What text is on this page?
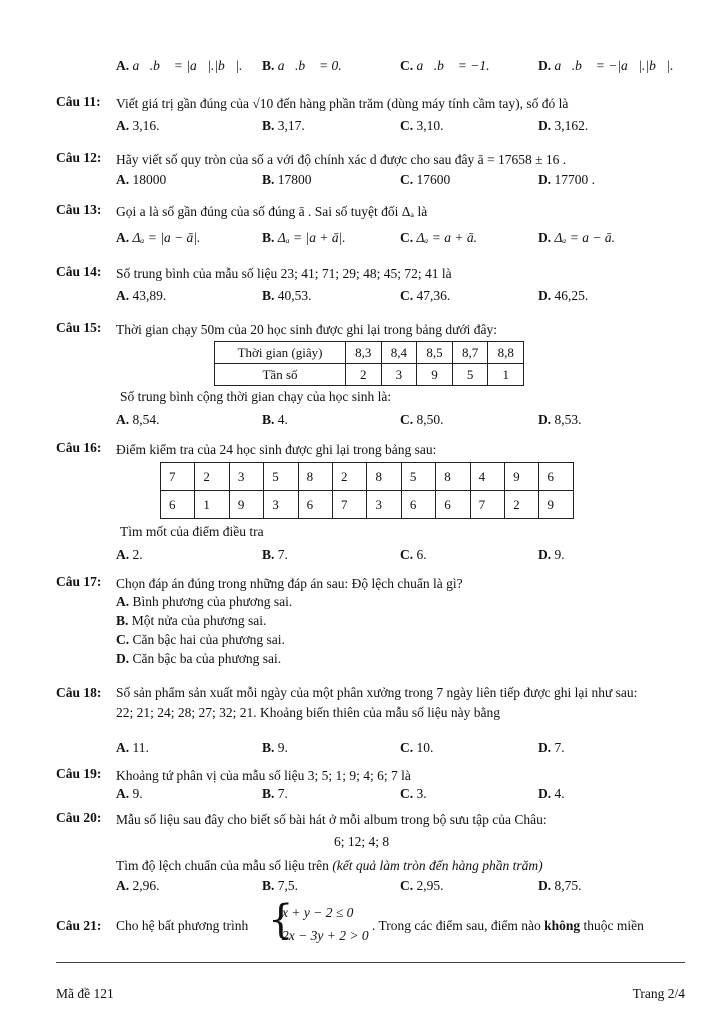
A. a⃗.b⃗ = |a⃗|.|b⃗|. B. a⃗.b⃗ = 0.	C. a⃗.b⃗ = −1.	D. a⃗.b⃗ = −|a⃗|.|b⃗|.
Câu 11: Viết giá trị gần đúng của √10 đến hàng phần trăm (dùng máy tính cầm tay), số đó là
A. 3,16.	B. 3,17.	C. 3,10.	D. 3,162.
Câu 12: Hãy viết số quy tròn của số a với độ chính xác d được cho sau đây ā = 17658 ± 16 .
A. 18000	B. 17800	C. 17600	D. 17700 .
Câu 13: Gọi a là số gần đúng của số đúng ā . Sai số tuyệt đối Δₐ là
A. Δₐ = |a − ā|.	B. Δₐ = |a + ā|.	C. Δₐ = a + ā.	D. Δₐ = a − ā.
Câu 14: Số trung bình của mẫu số liệu 23; 41; 71; 29; 48; 45; 72; 41 là
A. 43,89.	B. 40,53.	C. 47,36.	D. 46,25.
Câu 15: Thời gian chạy 50m của 20 học sinh được ghi lại trong bảng dưới đây:
Thời gian (giây)	8,3	8,4	8,5	8,7	8,8
Tần số	2	3	9	5	1
Số trung bình cộng thời gian chạy của học sinh là:
A. 8,54.	B. 4.	C. 8,50.	D. 8,53.
Câu 16: Điểm kiểm tra của 24 học sinh được ghi lại trong bảng sau:
7	2	3	5	8	2	8	5	8	4	9	6
6	1	9	3	6	7	3	6	6	7	2	9
Tìm mốt của điểm điều tra
A. 2.	B. 7.	C. 6.	D. 9.
Câu 17: Chọn đáp án đúng trong những đáp án sau: Độ lệch chuẩn là gì?
A. Bình phương của phương sai.
B. Một nửa của phương sai.
C. Căn bậc hai của phương sai.
D. Căn bậc ba của phương sai.
Câu 18: Số sản phẩm sản xuất mỗi ngày của một phân xưởng trong 7 ngày liên tiếp được ghi lại như sau:
22; 21; 24; 28; 27; 32; 21. Khoảng biến thiên của mẫu số liệu này bằng
A. 11.	B. 9.	C. 10.	D. 7.
Câu 19: Khoảng tứ phân vị của mẫu số liệu 3; 5; 1; 9; 4; 6; 7 là
A. 9.	B. 7.	C. 3.	D. 4.
Câu 20: Mẫu số liệu sau đây cho biết số bài hát ở mỗi album trong bộ sưu tập của Châu:
6; 12; 4; 8
Tìm độ lệch chuẩn của mẫu số liệu trên (kết quả làm tròn đến hàng phần trăm)
A. 2,96.	B. 7,5.	C. 2,95.	D. 8,75.
Câu 21: Cho hệ bất phương trình {
x + y − 2 ≤ 0
2x − 3y + 2 > 0
. Trong các điểm sau, điểm nào không thuộc miền
Mã đề 121	Trang 2/4
